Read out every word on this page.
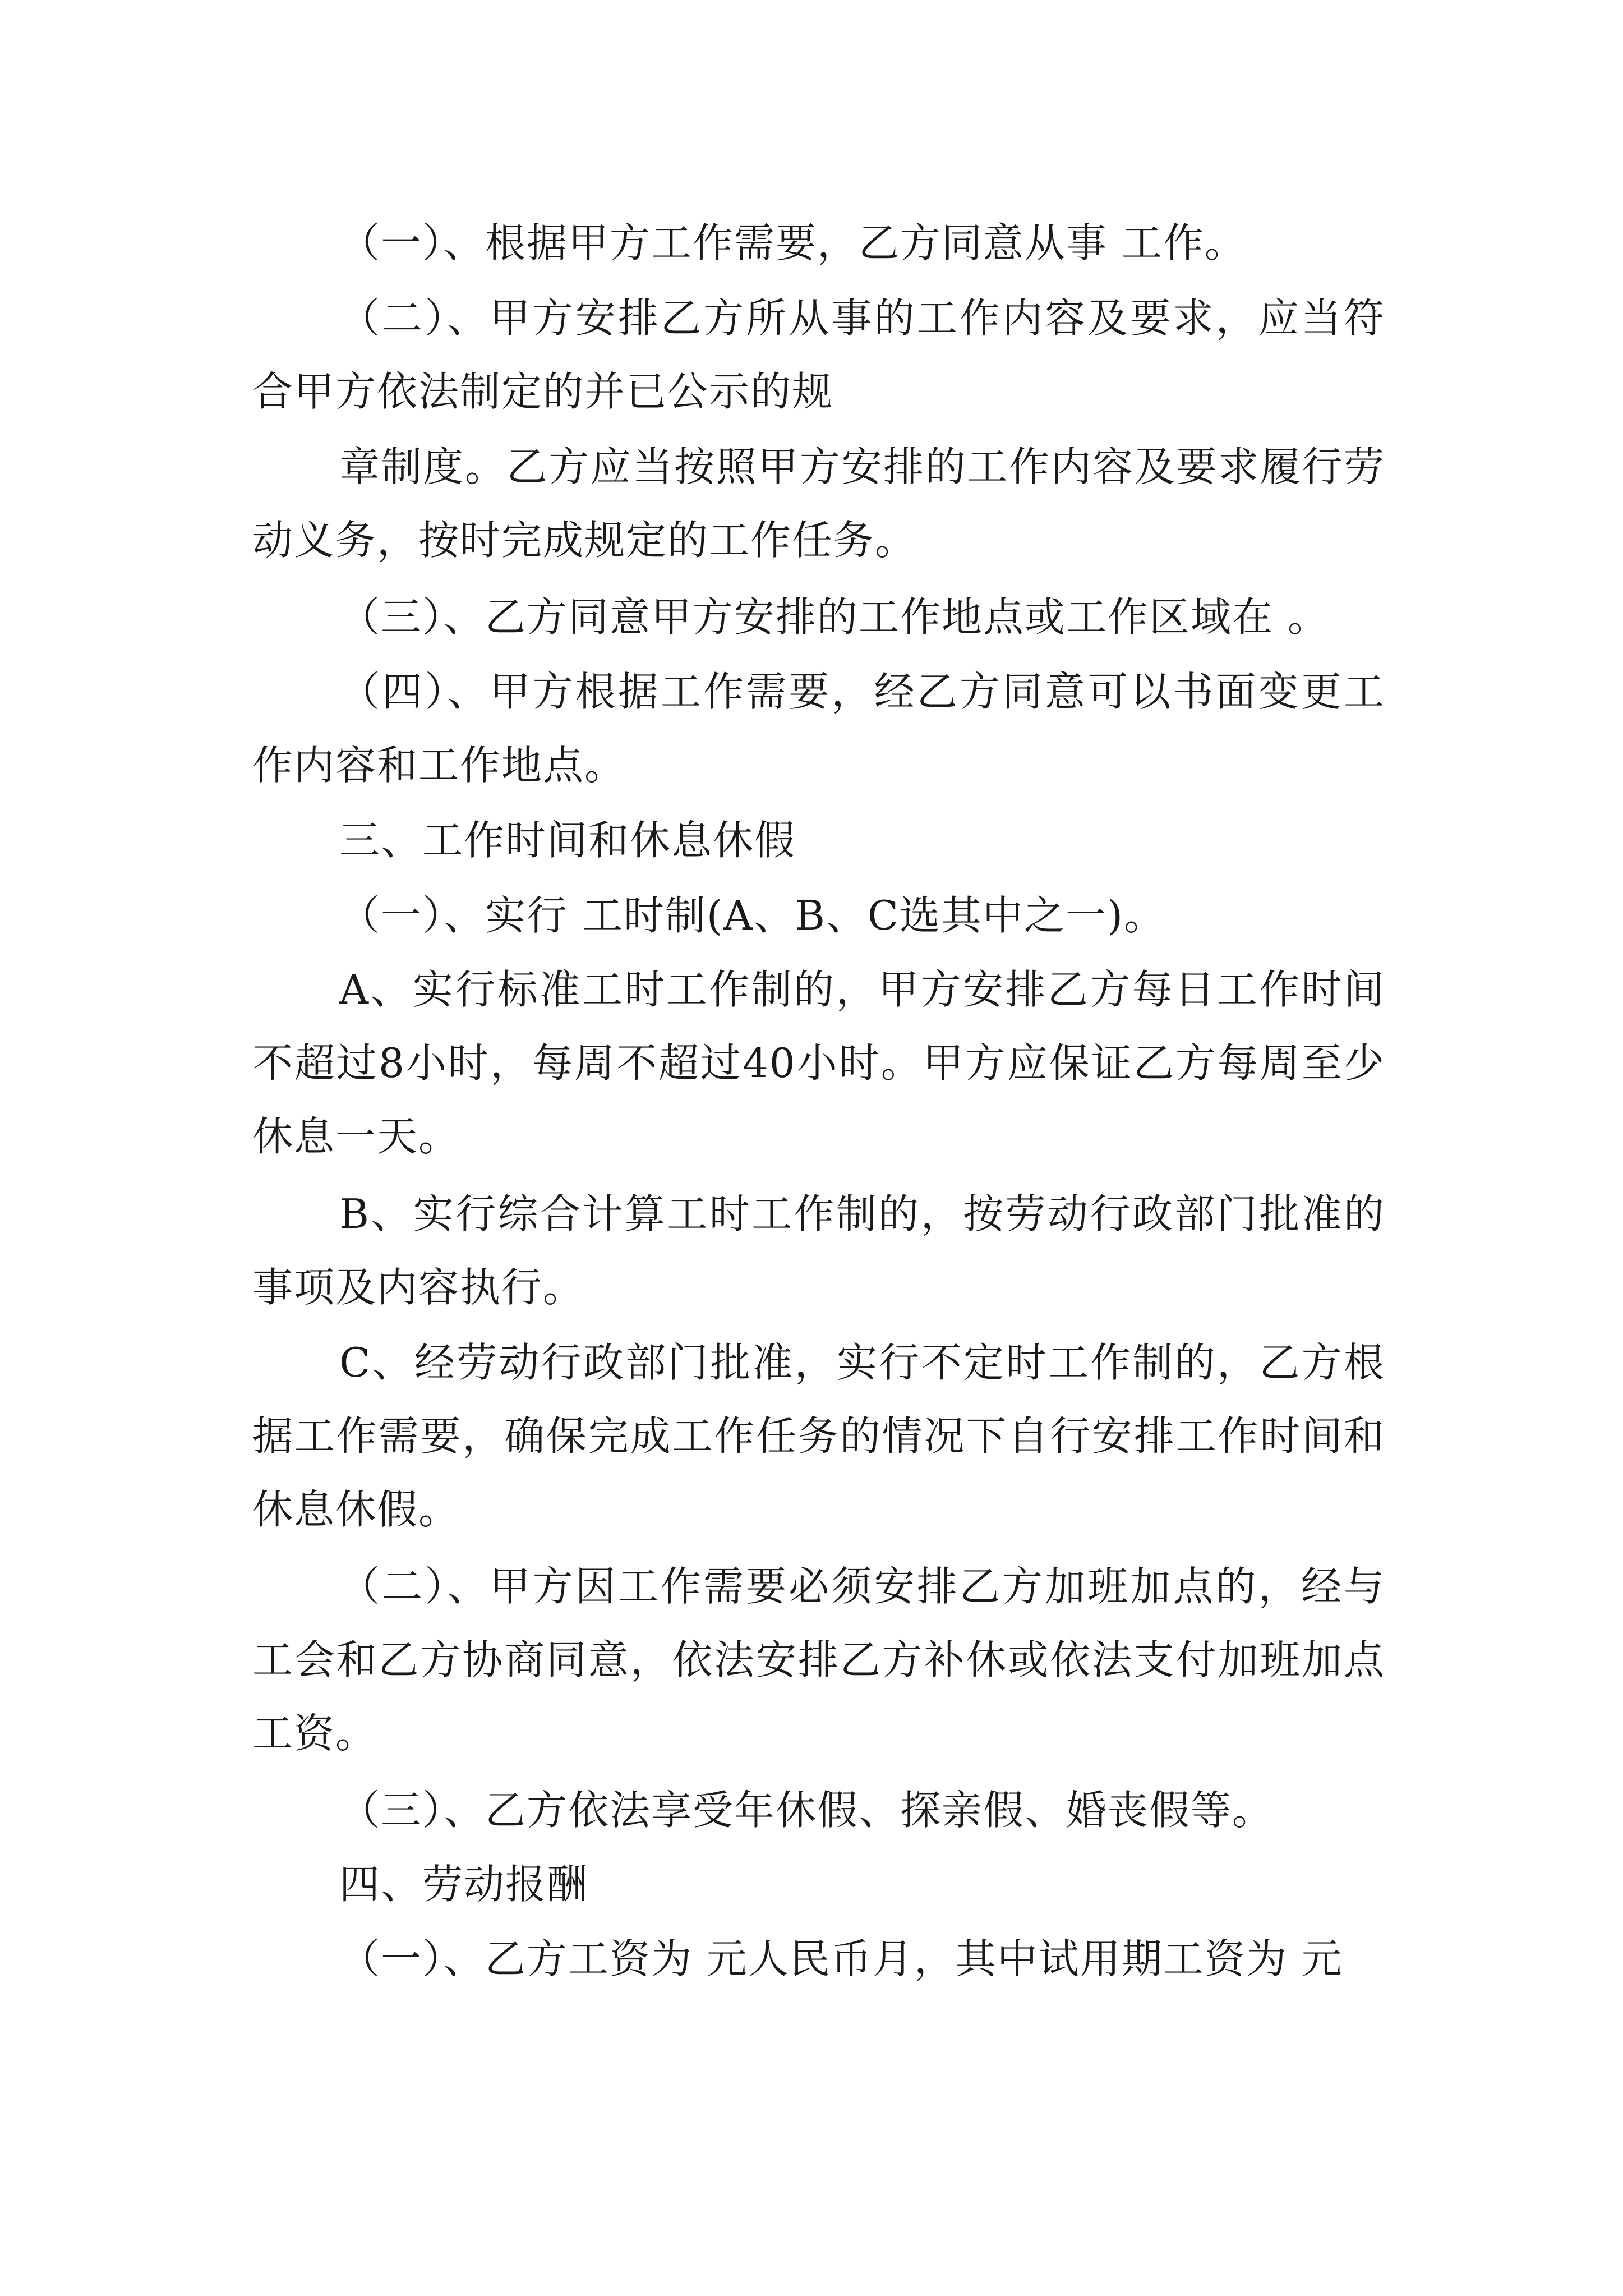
（一）、根据甲方工作需要，乙方同意从事 工作。

（二）、甲方安排乙方所从事的工作内容及要求，应当符合甲方依法制定的并已公示的规

章制度。乙方应当按照甲方安排的工作内容及要求履行劳动义务，按时完成规定的工作任务。

（三）、乙方同意甲方安排的工作地点或工作区域在 。

（四）、甲方根据工作需要，经乙方同意可以书面变更工作内容和工作地点。

三、工作时间和休息休假

（一）、实行 工时制(A、B、C选其中之一)。

A、实行标准工时工作制的，甲方安排乙方每日工作时间不超过8小时，每周不超过40小时。甲方应保证乙方每周至少休息一天。

B、实行综合计算工时工作制的，按劳动行政部门批准的事项及内容执行。

C、经劳动行政部门批准，实行不定时工作制的，乙方根据工作需要，确保完成工作任务的情况下自行安排工作时间和休息休假。

（二）、甲方因工作需要必须安排乙方加班加点的，经与工会和乙方协商同意，依法安排乙方补休或依法支付加班加点工资。

（三）、乙方依法享受年休假、探亲假、婚丧假等。

四、劳动报酬

（一）、乙方工资为 元人民币月，其中试用期工资为 元
